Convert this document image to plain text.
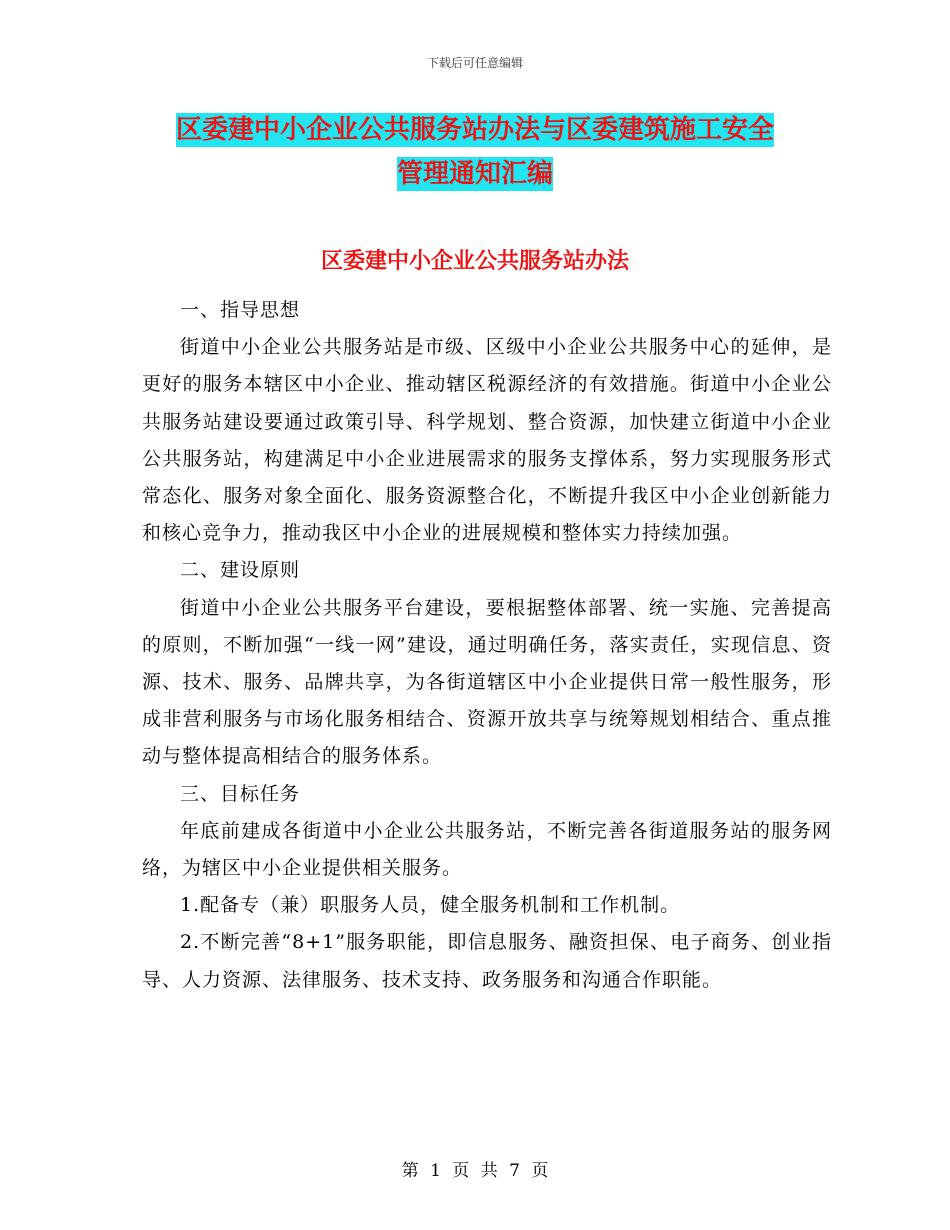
下载后可任意编辑
区委建中小企业公共服务站办法与区委建筑施工安全
管理通知汇编
区委建中小企业公共服务站办法

一、指导思想

街道中小企业公共服务站是市级、区级中小企业公共服务中心的延伸，是更好的服务本辖区中小企业、推动辖区税源经济的有效措施。街道中小企业公共服务站建设要通过政策引导、科学规划、整合资源，加快建立街道中小企业公共服务站，构建满足中小企业进展需求的服务支撑体系，努力实现服务形式常态化、服务对象全面化、服务资源整合化，不断提升我区中小企业创新能力和核心竞争力，推动我区中小企业的进展规模和整体实力持续加强。

二、建设原则

街道中小企业公共服务平台建设，要根据整体部署、统一实施、完善提高的原则，不断加强“一线一网”建设，通过明确任务，落实责任，实现信息、资源、技术、服务、品牌共享，为各街道辖区中小企业提供日常一般性服务，形成非营利服务与市场化服务相结合、资源开放共享与统筹规划相结合、重点推动与整体提高相结合的服务体系。

三、目标任务

年底前建成各街道中小企业公共服务站，不断完善各街道服务站的服务网络，为辖区中小企业提供相关服务。

1.配备专（兼）职服务人员，健全服务机制和工作机制。

2.不断完善“8+1”服务职能，即信息服务、融资担保、电子商务、创业指导、人力资源、法律服务、技术支持、政务服务和沟通合作职能。

第 1 页 共 7 页
